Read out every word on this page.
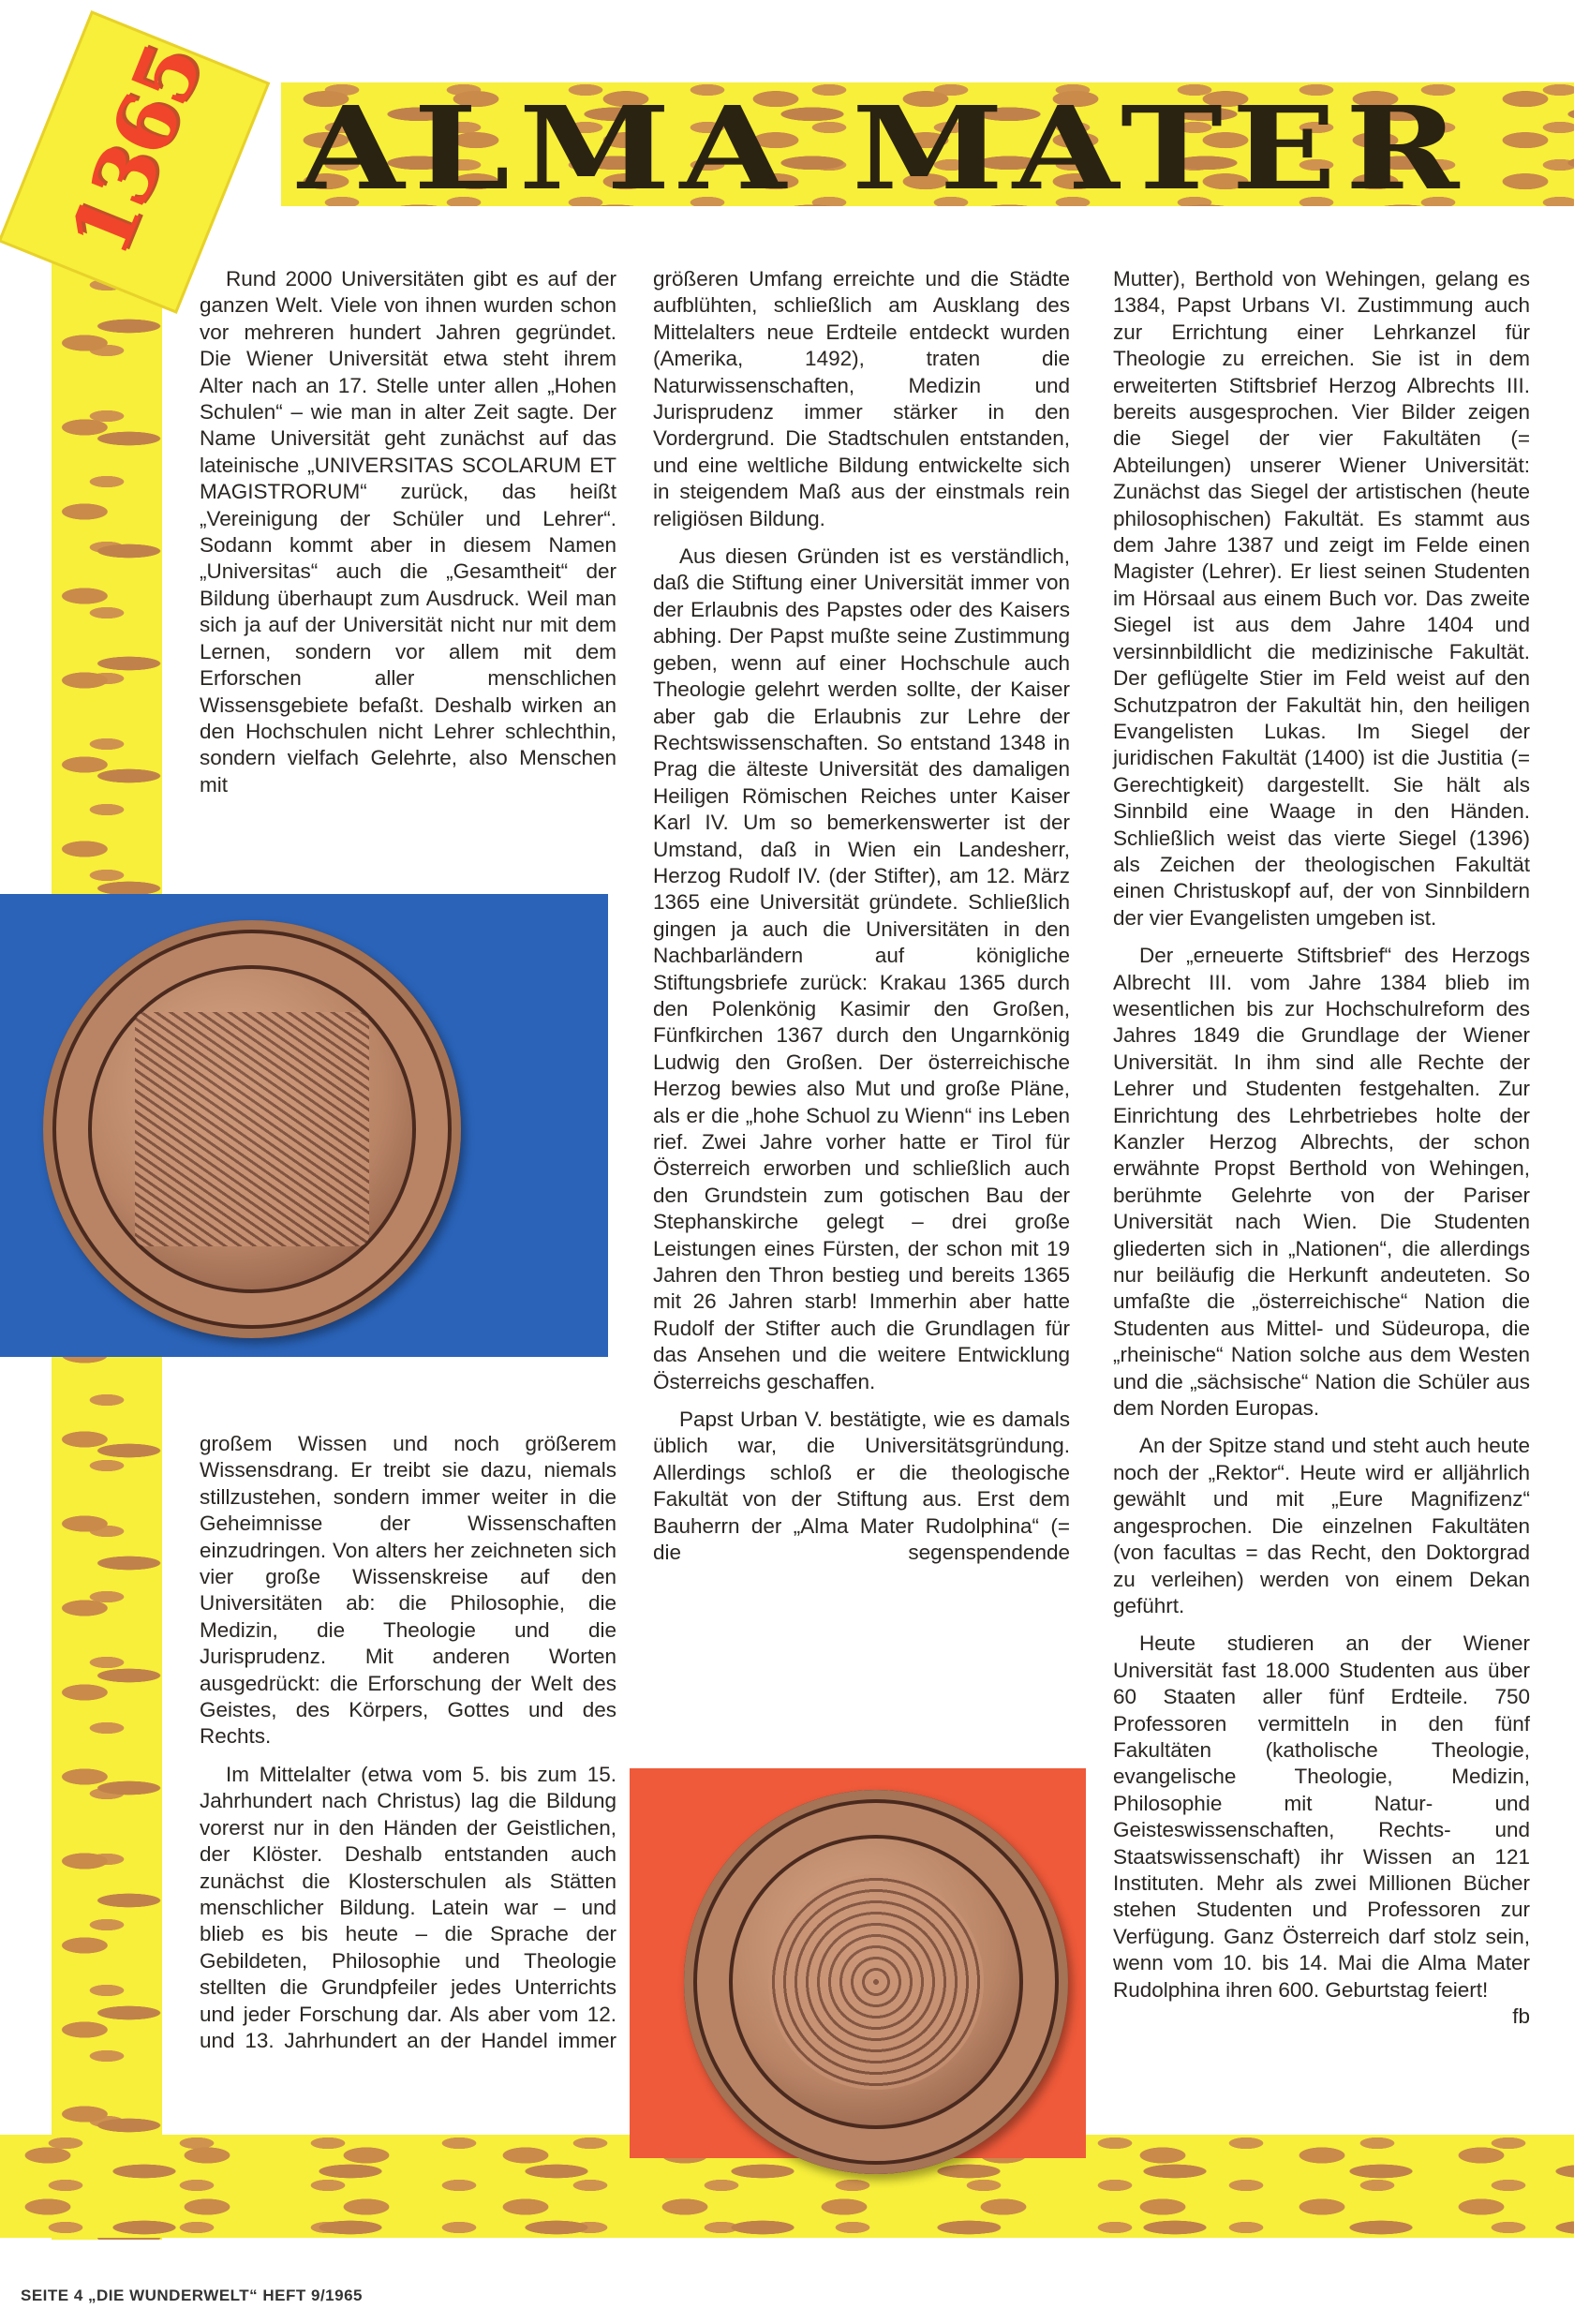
1365 ALMA MATER

Rund 2000 Universitäten gibt es auf der ganzen Welt. Viele von ihnen wurden schon vor mehreren hundert Jahren gegründet. Die Wiener Universität etwa steht ihrem Alter nach an 17. Stelle unter allen „Hohen Schulen“ – wie man in alter Zeit sagte. Der Name Universität geht zunächst auf das lateinische „UNIVERSITAS SCOLARUM ET MAGISTRORUM“ zurück, das heißt „Vereinigung der Schüler und Lehrer“. Sodann kommt aber in diesem Namen „Universitas“ auch die „Gesamtheit“ der Bildung überhaupt zum Ausdruck. Weil man sich ja auf der Universität nicht nur mit dem Lernen, sondern vor allem mit dem Erforschen aller menschlichen Wissensgebiete befaßt. Deshalb wirken an den Hochschulen nicht Lehrer schlechthin, sondern vielfach Gelehrte, also Menschen mit

großem Wissen und noch größerem Wissensdrang. Er treibt sie dazu, niemals stillzustehen, sondern immer weiter in die Geheimnisse der Wissenschaften einzudringen. Von alters her zeichneten sich vier große Wissenskreise auf den Universitäten ab: die Philosophie, die Medizin, die Theologie und die Jurisprudenz. Mit anderen Worten ausgedrückt: die Erforschung der Welt des Geistes, des Körpers, Gottes und des Rechts.

Im Mittelalter (etwa vom 5. bis zum 15. Jahrhundert nach Christus) lag die Bildung vorerst nur in den Händen der Geistlichen, der Klöster. Deshalb entstanden auch zunächst die Klosterschulen als Stätten menschlicher Bildung. Latein war – und blieb es bis heute – die Sprache der Gebildeten, Philosophie und Theologie stellten die Grundpfeiler jedes Unterrichts und jeder Forschung dar. Als aber vom 12. und 13. Jahrhundert an der Handel immer

größeren Umfang erreichte und die Städte aufblühten, schließlich am Ausklang des Mittelalters neue Erdteile entdeckt wurden (Amerika, 1492), traten die Naturwissenschaften, Medizin und Jurisprudenz immer stärker in den Vordergrund. Die Stadtschulen entstanden, und eine weltliche Bildung entwickelte sich in steigendem Maß aus der einstmals rein religiösen Bildung.

Aus diesen Gründen ist es verständlich, daß die Stiftung einer Universität immer von der Erlaubnis des Papstes oder des Kaisers abhing. Der Papst mußte seine Zustimmung geben, wenn auf einer Hochschule auch Theologie gelehrt werden sollte, der Kaiser aber gab die Erlaubnis zur Lehre der Rechtswissenschaften. So entstand 1348 in Prag die älteste Universität des damaligen Heiligen Römischen Reiches unter Kaiser Karl IV. Um so bemerkenswerter ist der Umstand, daß in Wien ein Landesherr, Herzog Rudolf IV. (der Stifter), am 12. März 1365 eine Universität gründete. Schließlich gingen ja auch die Universitäten in den Nachbarländern auf königliche Stiftungsbriefe zurück: Krakau 1365 durch den Polenkönig Kasimir den Großen, Fünfkirchen 1367 durch den Ungarnkönig Ludwig den Großen. Der österreichische Herzog bewies also Mut und große Pläne, als er die „hohe Schuol zu Wienn“ ins Leben rief. Zwei Jahre vorher hatte er Tirol für Österreich erworben und schließlich auch den Grundstein zum gotischen Bau der Stephanskirche gelegt – drei große Leistungen eines Fürsten, der schon mit 19 Jahren den Thron bestieg und bereits 1365 mit 26 Jahren starb! Immerhin aber hatte Rudolf der Stifter auch die Grundlagen für das Ansehen und die weitere Entwicklung Österreichs geschaffen.

Papst Urban V. bestätigte, wie es damals üblich war, die Universitätsgründung. Allerdings schloß er die theologische Fakultät von der Stiftung aus. Erst dem Bauherrn der „Alma Mater Rudolphina“ (= die segenspendende

Mutter), Berthold von Wehingen, gelang es 1384, Papst Urbans VI. Zustimmung auch zur Errichtung einer Lehrkanzel für Theologie zu erreichen. Sie ist in dem erweiterten Stiftsbrief Herzog Albrechts III. bereits ausgesprochen. Vier Bilder zeigen die Siegel der vier Fakultäten (= Abteilungen) unserer Wiener Universität: Zunächst das Siegel der artistischen (heute philosophischen) Fakultät. Es stammt aus dem Jahre 1387 und zeigt im Felde einen Magister (Lehrer). Er liest seinen Studenten im Hörsaal aus einem Buch vor. Das zweite Siegel ist aus dem Jahre 1404 und versinnbildlicht die medizinische Fakultät. Der geflügelte Stier im Feld weist auf den Schutzpatron der Fakultät hin, den heiligen Evangelisten Lukas. Im Siegel der juridischen Fakultät (1400) ist die Justitia (= Gerechtigkeit) dargestellt. Sie hält als Sinnbild eine Waage in den Händen. Schließlich weist das vierte Siegel (1396) als Zeichen der theologischen Fakultät einen Christuskopf auf, der von Sinnbildern der vier Evangelisten umgeben ist.

Der „erneuerte Stiftsbrief“ des Herzogs Albrecht III. vom Jahre 1384 blieb im wesentlichen bis zur Hochschulreform des Jahres 1849 die Grundlage der Wiener Universität. In ihm sind alle Rechte der Lehrer und Studenten festgehalten. Zur Einrichtung des Lehrbetriebes holte der Kanzler Herzog Albrechts, der schon erwähnte Propst Berthold von Wehingen, berühmte Gelehrte von der Pariser Universität nach Wien. Die Studenten gliederten sich in „Nationen“, die allerdings nur beiläufig die Herkunft andeuteten. So umfaßte die „österreichische“ Nation die Studenten aus Mittel- und Südeuropa, die „rheinische“ Nation solche aus dem Westen und die „sächsische“ Nation die Schüler aus dem Norden Europas.

An der Spitze stand und steht auch heute noch der „Rektor“. Heute wird er alljährlich gewählt und mit „Eure Magnifizenz“ angesprochen. Die einzelnen Fakultäten (von facultas = das Recht, den Doktorgrad zu verleihen) werden von einem Dekan geführt.

Heute studieren an der Wiener Universität fast 18.000 Studenten aus über 60 Staaten aller fünf Erdteile. 750 Professoren vermitteln in den fünf Fakultäten (katholische Theologie, evangelische Theologie, Medizin, Philosophie mit Natur- und Geisteswissenschaften, Rechts- und Staatswissenschaft) ihr Wissen an 121 Instituten. Mehr als zwei Millionen Bücher stehen Studenten und Professoren zur Verfügung. Ganz Österreich darf stolz sein, wenn vom 10. bis 14. Mai die Alma Mater Rudolphina ihren 600. Geburtstag feiert!
fb

SEITE 4 „DIE WUNDERWELT“ HEFT 9/1965
